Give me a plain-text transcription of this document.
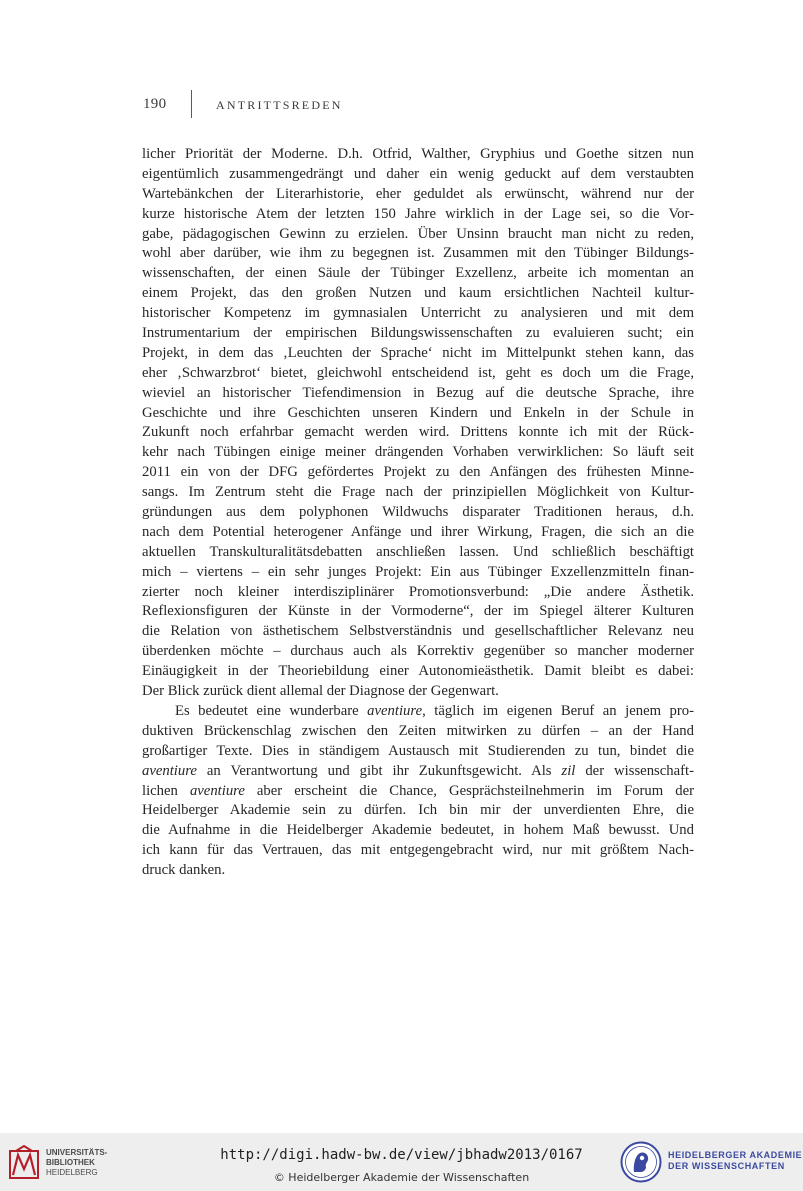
190	ANTRITTSREDEN
licher Priorität der Moderne. D.h. Otfrid, Walther, Gryphius und Goethe sitzen nun
eigentümlich zusammengedrängt und daher ein wenig geduckt auf dem verstaubten
Wartebänkchen der Literarhistorie, eher geduldet als erwünscht, während nur der
kurze historische Atem der letzten 150 Jahre wirklich in der Lage sei, so die Vor-
gabe, pädagogischen Gewinn zu erzielen. Über Unsinn braucht man nicht zu reden,
wohl aber darüber, wie ihm zu begegnen ist. Zusammen mit den Tübinger Bildungs-
wissenschaften, der einen Säule der Tübinger Exzellenz, arbeite ich momentan an
einem Projekt, das den großen Nutzen und kaum ersichtlichen Nachteil kultur-
historischer Kompetenz im gymnasialen Unterricht zu analysieren und mit dem
Instrumentarium der empirischen Bildungswissenschaften zu evaluieren sucht; ein
Projekt, in dem das ‚Leuchten der Sprache‘ nicht im Mittelpunkt stehen kann, das
eher ‚Schwarzbrot‘ bietet, gleichwohl entscheidend ist, geht es doch um die Frage,
wieviel an historischer Tiefendimension in Bezug auf die deutsche Sprache, ihre
Geschichte und ihre Geschichten unseren Kindern und Enkeln in der Schule in
Zukunft noch erfahrbar gemacht werden wird. Drittens konnte ich mit der Rück-
kehr nach Tübingen einige meiner drängenden Vorhaben verwirklichen: So läuft seit
2011 ein von der DFG gefördertes Projekt zu den Anfängen des frühesten Minne-
sangs. Im Zentrum steht die Frage nach der prinzipiellen Möglichkeit von Kultur-
gründungen aus dem polyphonen Wildwuchs disparater Traditionen heraus, d.h.
nach dem Potential heterogener Anfänge und ihrer Wirkung, Fragen, die sich an die
aktuellen Transkulturalitätsdebatten anschließen lassen. Und schließlich beschäftigt
mich – viertens – ein sehr junges Projekt: Ein aus Tübinger Exzellenzmitteln finan-
zierter noch kleiner interdisziplinärer Promotionsverbund: „Die andere Ästhetik.
Reflexionsfiguren der Künste in der Vormoderne“, der im Spiegel älterer Kulturen
die Relation von ästhetischem Selbstverständnis und gesellschaftlicher Relevanz neu
überdenken möchte – durchaus auch als Korrektiv gegenüber so mancher moderner
Einäugigkeit in der Theoriebildung einer Autonomieästhetik. Damit bleibt es dabei:
Der Blick zurück dient allemal der Diagnose der Gegenwart.
Es bedeutet eine wunderbare aventiure, täglich im eigenen Beruf an jenem pro-
duktiven Brückenschlag zwischen den Zeiten mitwirken zu dürfen – an der Hand
großartiger Texte. Dies in ständigem Austausch mit Studierenden zu tun, bindet die
aventiure an Verantwortung und gibt ihr Zukunftsgewicht. Als zil der wissenschaft-
lichen aventiure aber erscheint die Chance, Gesprächsteilnehmerin im Forum der
Heidelberger Akademie sein zu dürfen. Ich bin mir der unverdienten Ehre, die
die Aufnahme in die Heidelberger Akademie bedeutet, in hohem Maß bewusst. Und
ich kann für das Vertrauen, das mit entgegengebracht wird, nur mit größtem Nach-
druck danken.
UNIVERSITÄTS-
BIBLIOTHEK
HEIDELBERG
http://digi.hadw-bw.de/view/jbhadw2013/0167
© Heidelberger Akademie der Wissenschaften
HEIDELBERGER AKADEMIE
DER WISSENSCHAFTEN
